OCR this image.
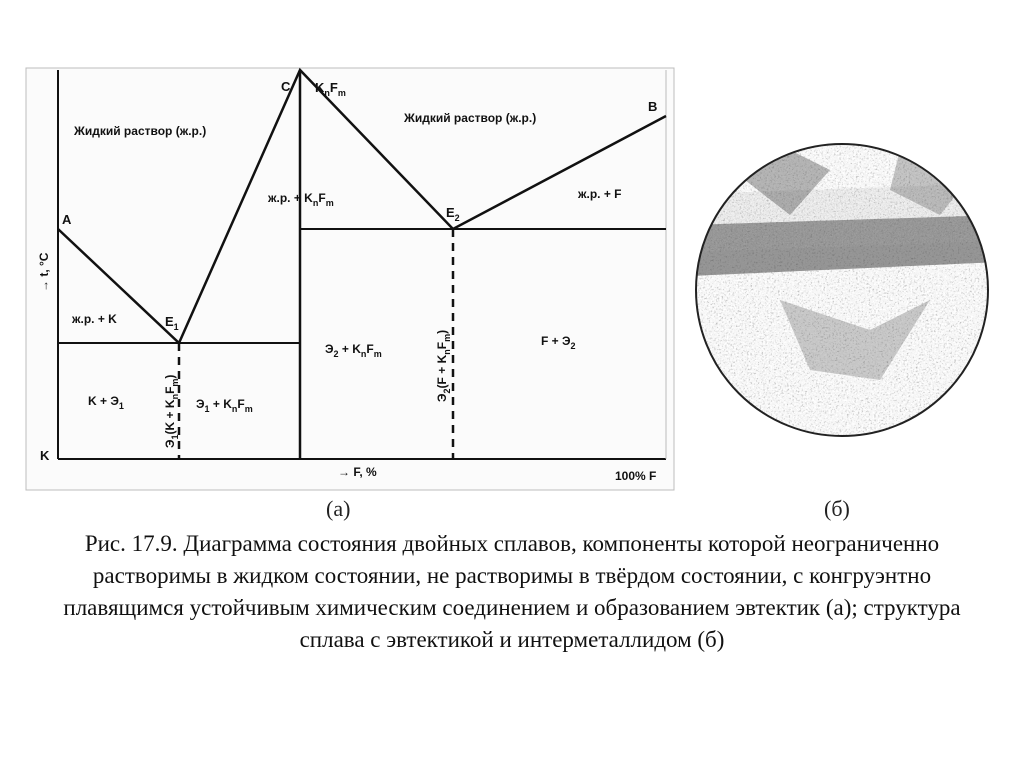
A
B
C
K
$E_1$
$E_2$
$K_nF_m$
Жидкий раствор (ж.р.)
Жидкий раствор (ж.р.)
ж.р. + K
ж.р. + $K_nF_m$
ж.р. + F
$K + Э_1$	$Э_1 + K_nF_m$
$Э_2 + K_nF_m$
$F + Э_2$
$Э_1(K + K_nF_m)$
$Э_2(F + K_nF_m)$
→ t, °C
→ F, %	100% F
(а)	(б)

Рис. 17.9. Диаграмма состояния двойных сплавов, компоненты которой неограниченно растворимы в жидком состоянии, не растворимы в твёрдом состоянии, с конгруэнтно плавящимся устойчивым химическим соединением и образованием эвтектик (а); структура сплава с эвтектикой и интерметаллидом (б)
